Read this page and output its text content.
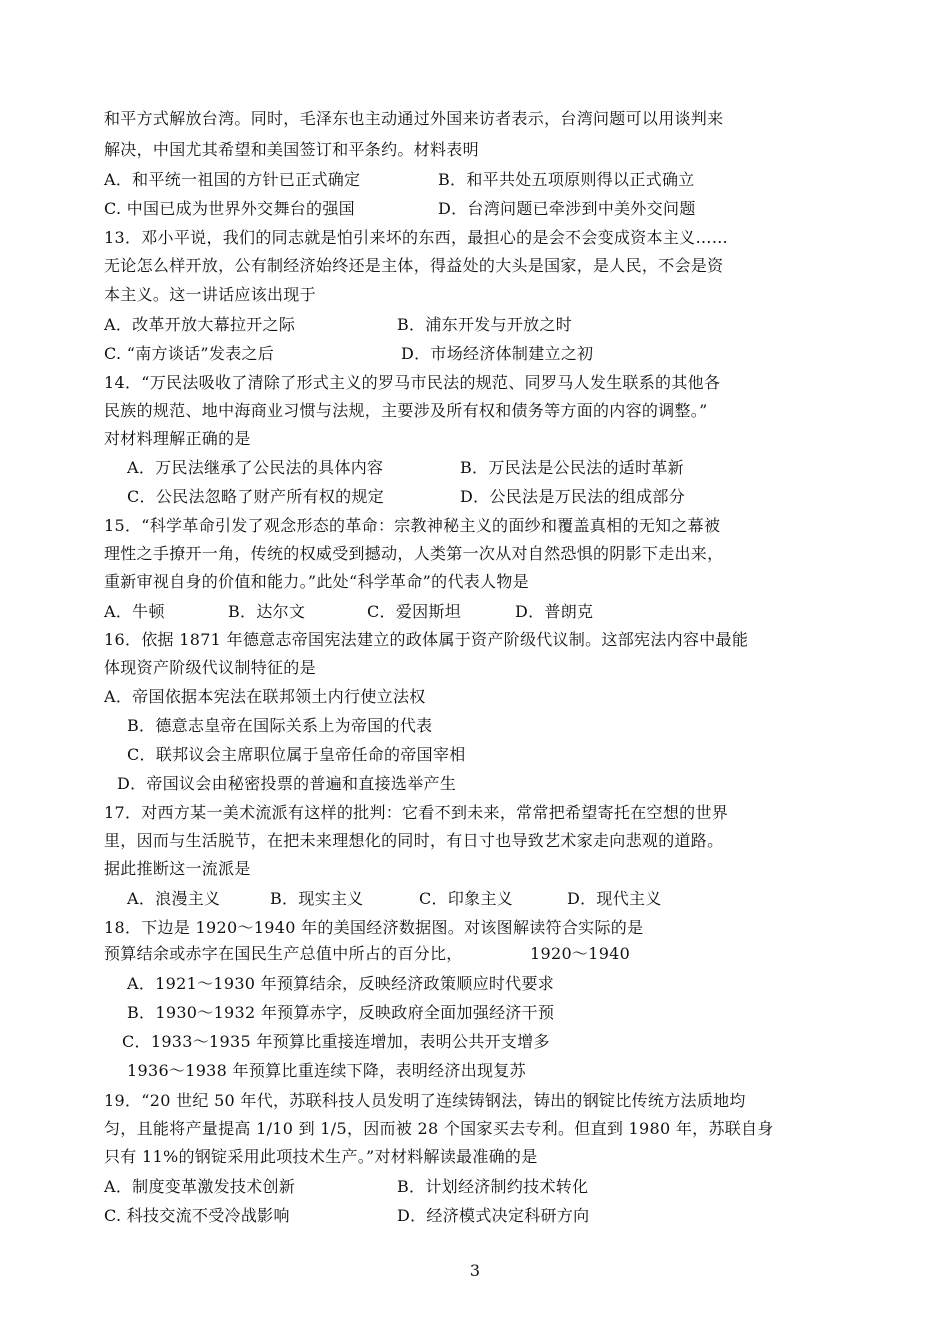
和平方式解放台湾。同时，毛泽东也主动通过外国来访者表示，台湾问题可以用谈判来
解决，中国尤其希望和美国签订和平条约。材料表明
A．和平统一祖国的方针已正式确定	B．和平共处五项原则得以正式确立
C. 中国已成为世界外交舞台的强国	D．台湾问题已牵涉到中美外交问题
13．邓小平说，我们的同志就是怕引来坏的东西，最担心的是会不会变成资本主义……
无论怎么样开放，公有制经济始终还是主体，得益处的大头是国家，是人民，不会是资
本主义。这一讲话应该出现于
A．改革开放大幕拉开之际	B．浦东开发与开放之时
C. “南方谈话”发表之后	D．市场经济体制建立之初
14．“万民法吸收了清除了形式主义的罗马市民法的规范、同罗马人发生联系的其他各
民族的规范、地中海商业习惯与法规，主要涉及所有权和债务等方面的内容的调整。”
对材料理解正确的是
A．万民法继承了公民法的具体内容	B．万民法是公民法的适时革新
C．公民法忽略了财产所有权的规定	D．公民法是万民法的组成部分
15．“科学革命引发了观念形态的革命：宗教神秘主义的面纱和覆盖真相的无知之幕被
理性之手撩开一角，传统的权威受到撼动，人类第一次从对自然恐惧的阴影下走出来，
重新审视自身的价值和能力。”此处“科学革命”的代表人物是
A．牛顿	B．达尔文	C．爱因斯坦	D．普朗克
16．依据 1871 年德意志帝国宪法建立的政体属于资产阶级代议制。这部宪法内容中最能
体现资产阶级代议制特征的是
A．帝国依据本宪法在联邦领土内行使立法权
B．德意志皇帝在国际关系上为帝国的代表
C．联邦议会主席职位属于皇帝任命的帝国宰相
D．帝国议会由秘密投票的普遍和直接选举产生
17．对西方某一美术流派有这样的批判：它看不到未来，常常把希望寄托在空想的世界
里，因而与生活脱节，在把未来理想化的同时，有日寸也导致艺术家走向悲观的道路。
据此推断这一流派是
A．浪漫主义	B．现实主义	C．印象主义	D．现代主义
18．下边是 1920～1940 年的美国经济数据图。对该图解读符合实际的是
预算结余或赤字在国民生产总值中所占的百分比，	1920～1940
A．1921～1930 年预算结余，反映经济政策顺应时代要求
B．1930～1932 年预算赤字，反映政府全面加强经济干预
C．1933～1935 年预算比重接连增加，表明公共开支增多
1936～1938 年预算比重连续下降，表明经济出现复苏
19．“20 世纪 50 年代，苏联科技人员发明了连续铸钢法，铸出的钢锭比传统方法质地均
匀，且能将产量提高 1/10 到 1/5，因而被 28 个国家买去专利。但直到 1980 年，苏联自身
只有 11%的钢锭采用此项技术生产。”对材料解读最准确的是
A．制度变革激发技术创新	B．计划经济制约技术转化
C. 科技交流不受冷战影响	D．经济模式决定科研方向
3
